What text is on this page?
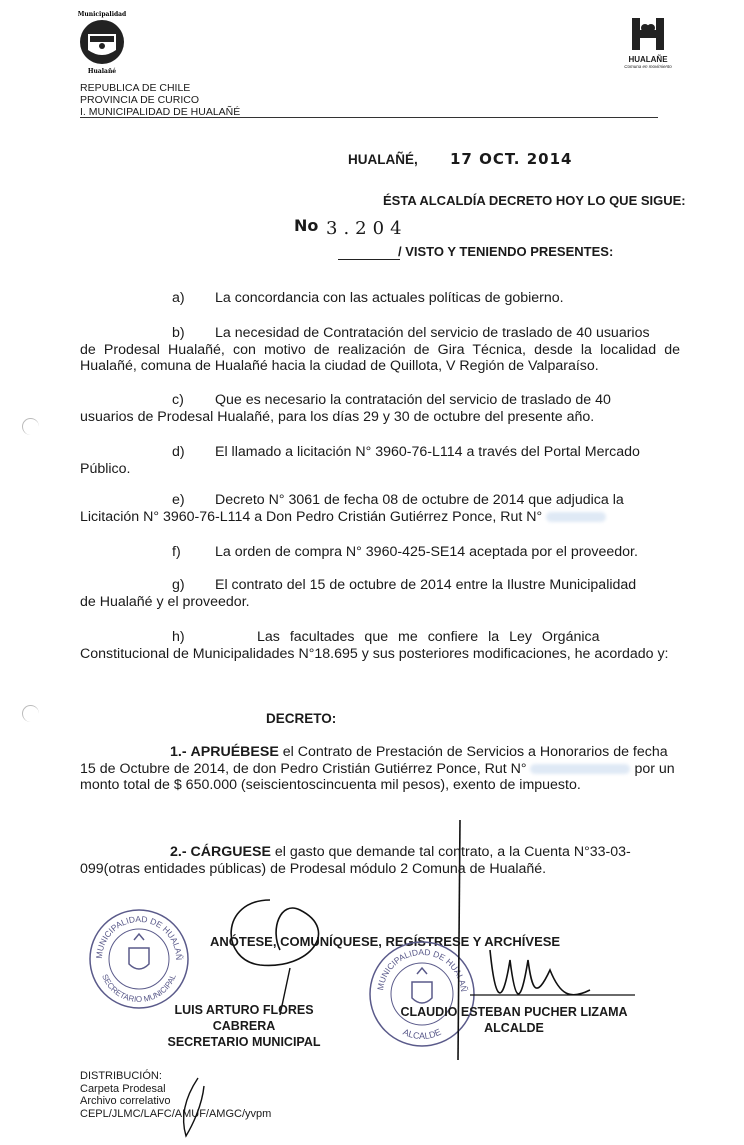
Municipalidad
Hualañé
HUALAÑE
Comuna en movimiento
REPUBLICA DE CHILE
PROVINCIA DE CURICO
I. MUNICIPALIDAD DE HUALAÑÉ
HUALAÑÉ, 17 OCT. 2014
ÉSTA ALCALDÍA DECRETO HOY LO QUE SIGUE:
No 3.204
/ VISTO Y TENIENDO PRESENTES:
a) La concordancia con las actuales políticas de gobierno.
b) La necesidad de Contratación del servicio de traslado de 40 usuarios
de Prodesal Hualañé, con motivo de realización de Gira Técnica, desde la localidad de Hualañé, comuna de Hualañé hacia la ciudad de Quillota, V Región de Valparaíso.
c) Que es necesario la contratación del servicio de traslado de 40
usuarios de Prodesal Hualañé, para los días 29 y 30 de octubre del presente año.
d) El llamado a licitación N° 3960-76-L114 a través del Portal Mercado
Público.
e) Decreto N° 3061 de fecha 08 de octubre de 2014 que adjudica la
Licitación N° 3960-76-L114 a Don Pedro Cristián Gutiérrez Ponce, Rut N°
f) La orden de compra N° 3960-425-SE14 aceptada por el proveedor.
g) El contrato del 15 de octubre de 2014 entre la Ilustre Municipalidad
de Hualañé y el proveedor.
h)	Las facultades que me confiere la Ley Orgánica
Constitucional de Municipalidades N°18.695 y sus posteriores modificaciones, he acordado y:
DECRETO:
1.- APRUÉBESE el Contrato de Prestación de Servicios a Honorarios de fecha
15 de Octubre de 2014, de don Pedro Cristián Gutiérrez Ponce, Rut N°	por un
monto total de $ 650.000 (seiscientoscincuenta mil pesos), exento de impuesto.
2.- CÁRGUESE el gasto que demande tal contrato, a la Cuenta N°33-03-
099(otras entidades públicas) de Prodesal módulo 2 Comuna de Hualañé.
ANÓTESE, COMUNÍQUESE, REGÍSTRESE Y ARCHÍVESE
MUNICIPALIDAD DE HUALAÑ
SECRETARIO MUNICIPAL
MUNICIPALIDAD DE HUALAÑ
ALCALDE
LUIS ARTURO FLORES CABRERA
SECRETARIO MUNICIPAL
CLAUDIO ESTEBAN PUCHER LIZAMA
ALCALDE
DISTRIBUCIÓN:
Carpeta Prodesal
Archivo correlativo
CEPL/JLMC/LAFC/AMUF/AMGC/yvpm
